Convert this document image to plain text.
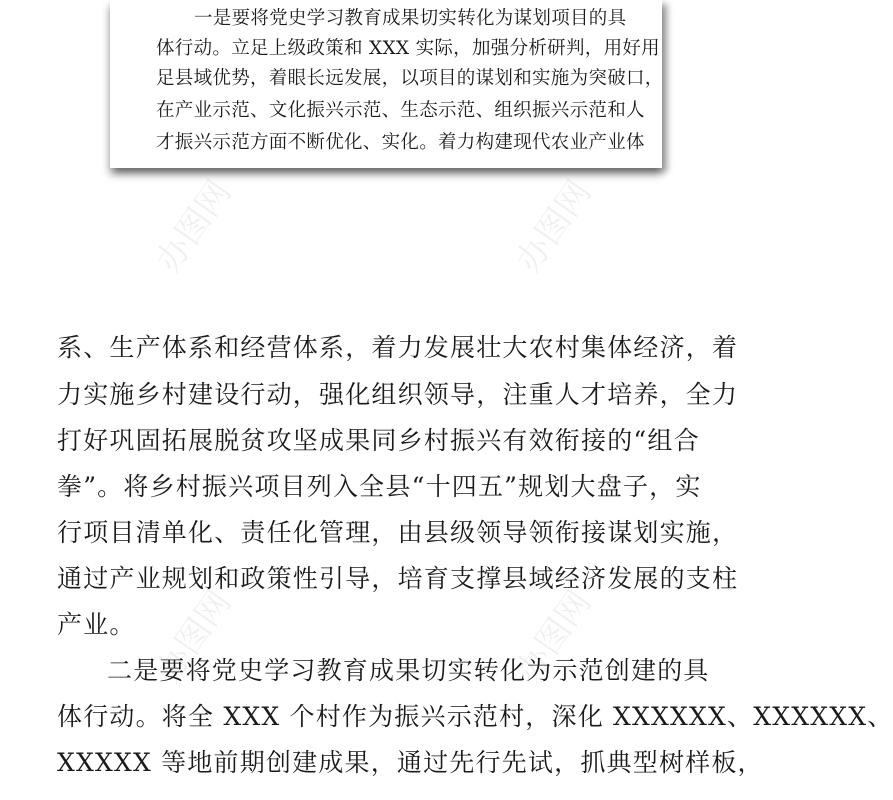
一是要将党史学习教育成果切实转化为谋划项目的具
体行动。立足上级政策和 XXX 实际，加强分析研判，用好用
足县域优势，着眼长远发展，以项目的谋划和实施为突破口，
在产业示范、文化振兴示范、生态示范、组织振兴示范和人
才振兴示范方面不断优化、实化。着力构建现代农业产业体
办图网	办图网
办图网	办图网
系、生产体系和经营体系，着力发展壮大农村集体经济，着
力实施乡村建设行动，强化组织领导，注重人才培养，全力
打好巩固拓展脱贫攻坚成果同乡村振兴有效衔接的“组合
拳”。将乡村振兴项目列入全县“十四五”规划大盘子，实
行项目清单化、责任化管理，由县级领导领衔接谋划实施，
通过产业规划和政策性引导，培育支撑县域经济发展的支柱
产业。
二是要将党史学习教育成果切实转化为示范创建的具
体行动。将全 XXX 个村作为振兴示范村，深化 XXXXXX、XXXXXX、
XXXXX 等地前期创建成果，通过先行先试，抓典型树样板，
